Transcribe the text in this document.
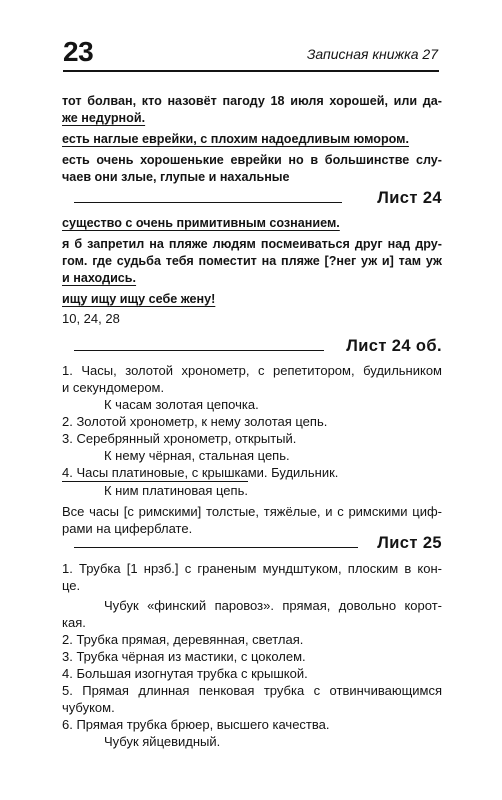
23	Записная книжка 27
тот болван, кто назовёт пагоду 18 июля хорошей, или да-
же недурной.
есть наглые еврейки, с плохим надоедливым юмором.
есть очень хорошенькие еврейки но в большинстве слу-
чаев они злые, глупые и нахальные
Лист 24
существо с очень примитивным сознанием.
я б запретил на пляже людям посмеиваться друг над дру-
гом. где судьба тебя поместит на пляже [?нег уж и] там уж
и находись.
ищу ищу ищу себе жену!
10, 24, 28
Лист 24 об.
1. Часы, золотой хронометр, с репетитором, будильником
и секундомером.
К часам золотая цепочка.
2. Золотой хронометр, к нему золотая цепь.
3. Серебрянный хронометр, открытый.
К нему чёрная, стальная цепь.
4. Часы платиновые, с крышками. Будильник.
К ним платиновая цепь.
Все часы [с римскими] толстые, тяжёлые, и с римскими циф-
рами на циферблате.
Лист 25
1. Трубка [1 нрзб.] с граненым мундштуком, плоским в кон-
це.
Чубук «финский паровоз». прямая, довольно корот-
кая.
2. Трубка прямая, деревянная, светлая.
3. Трубка чёрная из мастики, с цоколем.
4. Большая изогнутая трубка с крышкой.
5. Прямая длинная пенковая трубка с отвинчивающимся
чубуком.
6. Прямая трубка брюер, высшего качества.
Чубук яйцевидный.
